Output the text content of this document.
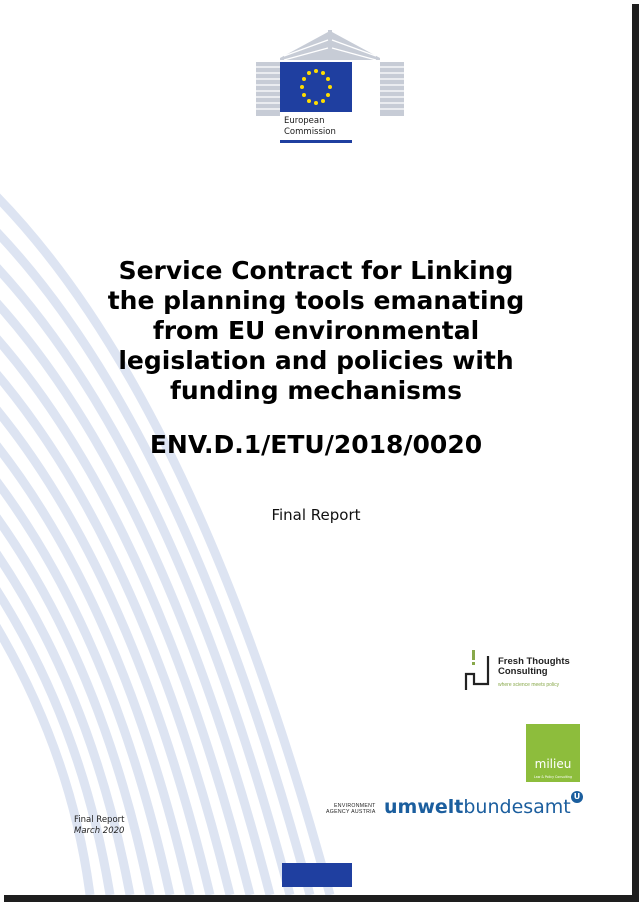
European
Commission
Service Contract for Linking
the planning tools emanating
from EU environmental
legislation and policies with
funding mechanisms
ENV.D.1/ETU/2018/0020
Final Report
Fresh Thoughts
Consulting
where science meets policy
milieu
Law & Policy Consulting
ENVIRONMENT
AGENCY AUSTRIA umweltbundesamt U
Final Report
March 2020
